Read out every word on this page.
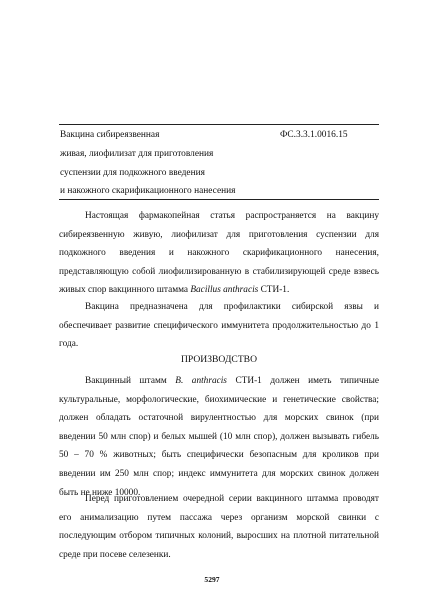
Вакцина сибиреязвенная	ФС.3.3.1.0016.15
живая, лиофилизат для приготовления
суспензии для подкожного введения
и накожного скарификационного нанесения
Настоящая фармакопейная статья распространяется на вакцину сибиреязвенную живую, лиофилизат для приготовления суспензии для подкожного введения и накожного скарификационного нанесения, представляющую собой лиофилизированную в стабилизирующей среде взвесь живых спор вакцинного штамма Bacillus anthracis СТИ-1.
Вакцина предназначена для профилактики сибирской язвы и обеспечивает развитие специфического иммунитета продолжительностью до 1 года.
ПРОИЗВОДСТВО
Вакцинный штамм B. anthracis СТИ-1 должен иметь типичные культуральные, морфологические, биохимические и генетические свойства; должен обладать остаточной вирулентностью для морских свинок (при введении 50 млн спор) и белых мышей (10 млн спор), должен вызывать гибель 50 – 70 % животных; быть специфически безопасным для кроликов при введении им 250 млн спор; индекс иммунитета для морских свинок должен быть не ниже 10000.
Перед приготовлением очередной серии вакцинного штамма проводят его анимализацию путем пассажа через организм морской свинки с последующим отбором типичных колоний, выросших на плотной питательной среде при посеве селезенки.
5297
